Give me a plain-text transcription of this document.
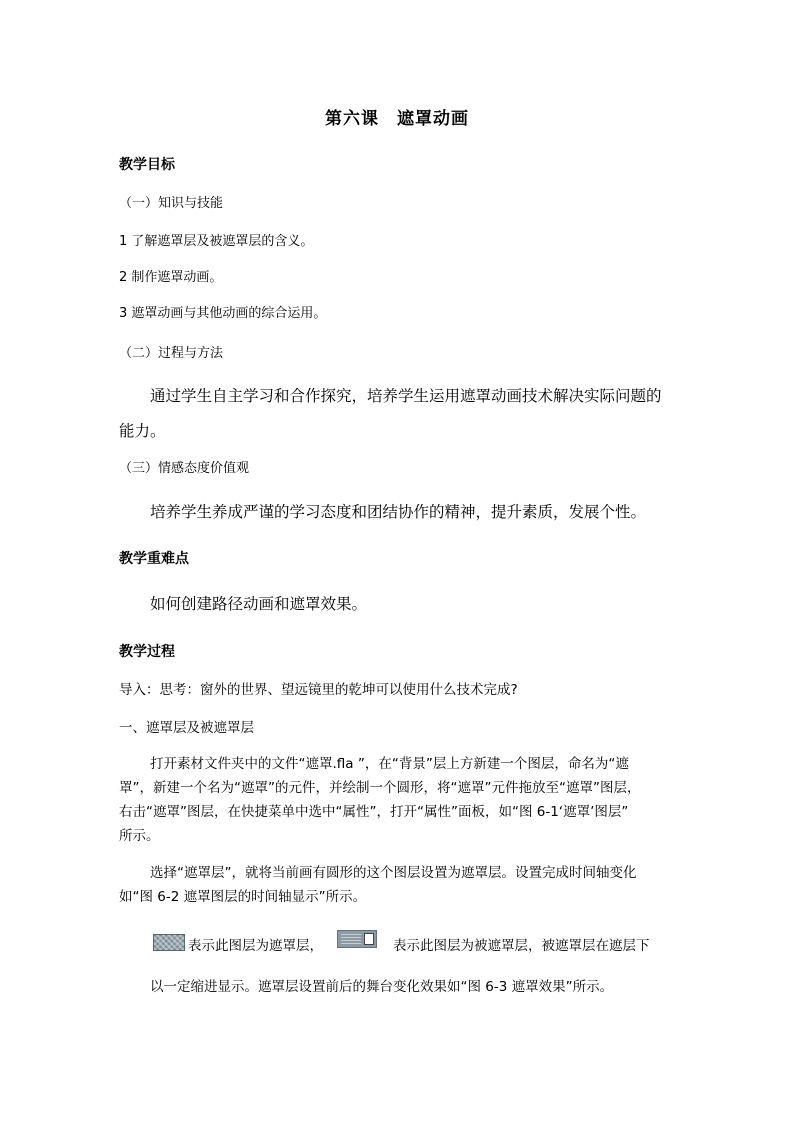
第六课　遮罩动画
教学目标
（一）知识与技能
1 了解遮罩层及被遮罩层的含义。
2 制作遮罩动画。
3 遮罩动画与其他动画的综合运用。
（二）过程与方法
通过学生自主学习和合作探究，培养学生运用遮罩动画技术解决实际问题的
能力。
（三）情感态度价值观
培养学生养成严谨的学习态度和团结协作的精神，提升素质，发展个性。
教学重难点
如何创建路径动画和遮罩效果。
教学过程
导入：思考：窗外的世界、望远镜里的乾坤可以使用什么技术完成?
一、遮罩层及被遮罩层
打开素材文件夹中的文件“遮罩.fla ”，在“背景”层上方新建一个图层，命名为“遮
罩”，新建一个名为“遮罩”的元件，并绘制一个圆形，将“遮罩”元件拖放至“遮罩”图层，
右击“遮罩”图层，在快捷菜单中选中“属性”，打开“属性”面板，如“图 6-1‘遮罩’图层”
所示。
选择“遮罩层”，就将当前画有圆形的这个图层设置为遮罩层。设置完成时间轴变化
如“图 6-2 遮罩图层的时间轴显示”所示。
表示此图层为遮罩层，	表示此图层为被遮罩层，被遮罩层在遮层下
以一定缩进显示。遮罩层设置前后的舞台变化效果如“图 6-3 遮罩效果”所示。
